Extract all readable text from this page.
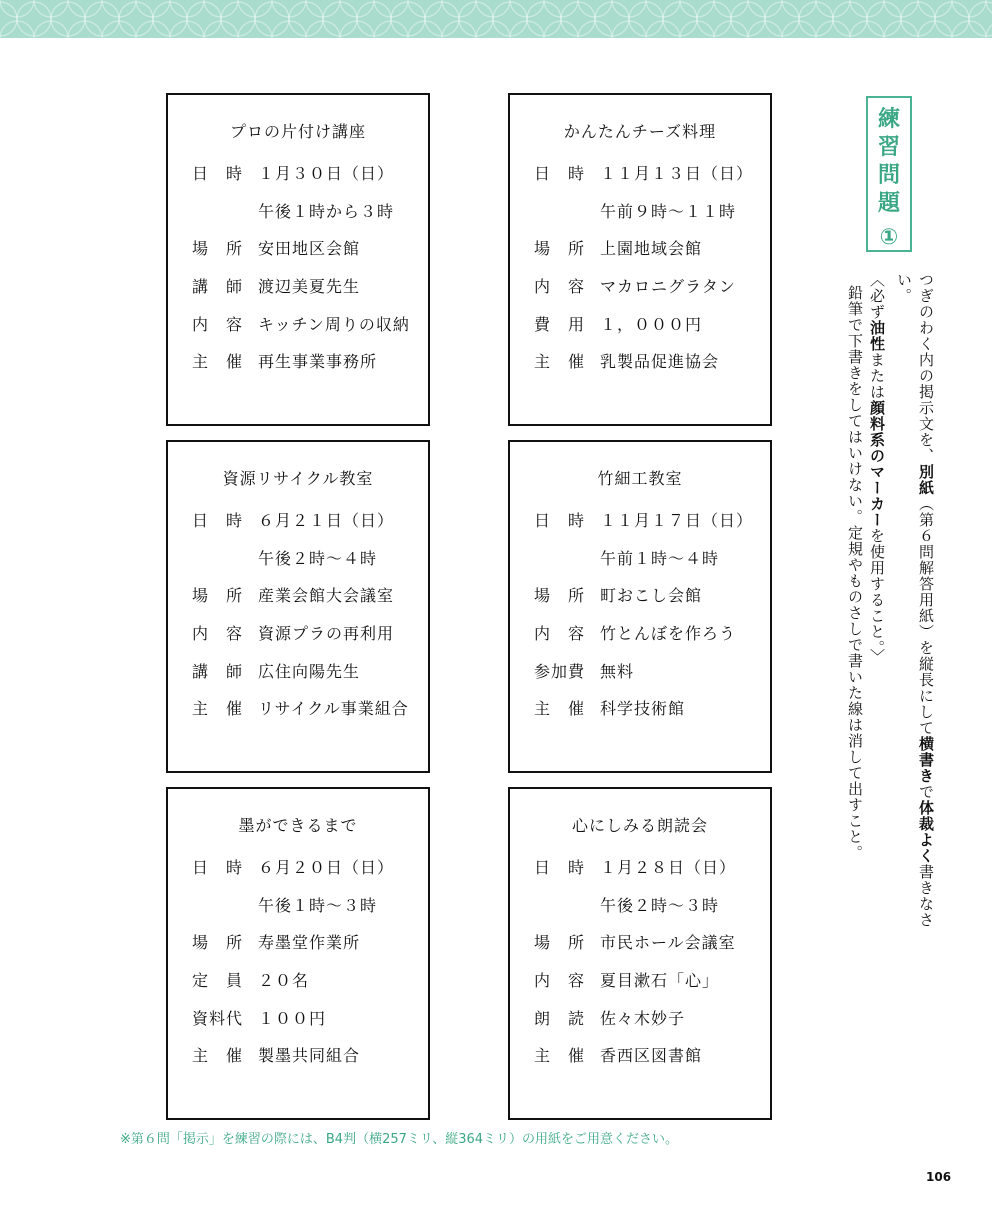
プロの片付け講座
日　時 １月３０日（日）
午後１時から３時
場　所 安田地区会館
講　師 渡辺美夏先生
内　容 キッチン周りの収納
主　催 再生事業事務所
かんたんチーズ料理
日　時 １１月１３日（日）
午前９時〜１１時
場　所 上園地域会館
内　容 マカロニグラタン
費　用 １，０００円
主　催 乳製品促進協会
資源リサイクル教室
日　時 ６月２１日（日）
午後２時〜４時
場　所 産業会館大会議室
内　容 資源プラの再利用
講　師 広住向陽先生
主　催 リサイクル事業組合
竹細工教室
日　時 １１月１７日（日）
午前１時〜４時
場　所 町おこし会館
内　容 竹とんぼを作ろう
参加費 無料
主　催 科学技術館
墨ができるまで
日　時 ６月２０日（日）
午後１時〜３時
場　所 寿墨堂作業所
定　員 ２０名
資料代 １００円
主　催 製墨共同組合
心にしみる朗読会
日　時 １月２８日（日）
午後２時〜３時
場　所 市民ホール会議室
内　容 夏目漱石「心」
朗　読 佐々木妙子
主　催 香西区図書館
練
習
問
題
①
つぎのわく内の掲示文を、別紙（第６問解答用紙）を縦長にして横書きで体裁よく書きなさい。
〈必ず油性または顔料系のマーカーを使用すること。〉
鉛筆で下書きをしてはいけない。定規やものさしで書いた線は消して出すこと。
※第６問「掲示」を練習の際には、B4判（横257ミリ、縦364ミリ）の用紙をご用意ください。
106
